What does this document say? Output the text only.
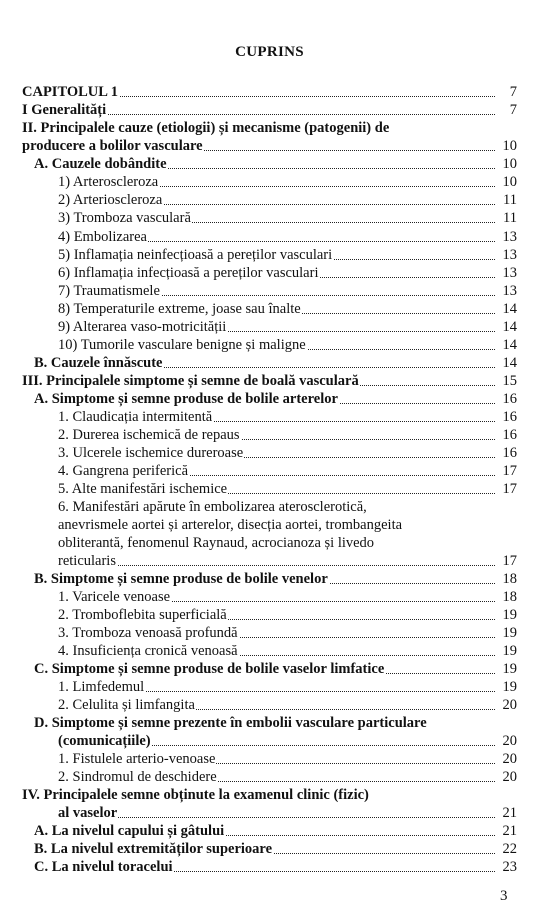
CUPRINS
CAPITOLUL 1	7
I Generalități	7
II. Principalele cauze (etiologii) și mecanisme (patogenii) de
producere a bolilor vasculare	10
A. Cauzele dobândite	10
1) Arteroscleroza	10
2) Arterioscleroza	11
3) Tromboza vasculară	11
4) Embolizarea	13
5) Inflamația neinfecțioasă a pereților vasculari	13
6) Inflamația infecțioasă a pereților vasculari	13
7) Traumatismele	13
8) Temperaturile extreme, joase sau înalte	14
9) Alterarea vaso-motricității	14
10) Tumorile vasculare benigne și maligne	14
B. Cauzele înnăscute	14
III. Principalele simptome și semne de boală vasculară	15
A. Simptome și semne produse de bolile arterelor	16
1. Claudicația intermitentă	16
2. Durerea ischemică de repaus	16
3. Ulcerele ischemice dureroase	16
4. Gangrena periferică	17
5. Alte manifestări ischemice	17
6. Manifestări apărute în embolizarea aterosclerotică,
anevrismele aortei și arterelor, disecția aortei, trombangeita
obliterantă, fenomenul Raynaud, acrocianoza și livedo
reticularis	17
B. Simptome și semne produse de bolile venelor	18
1. Varicele venoase	18
2. Tromboflebita superficială	19
3. Tromboza venoasă profundă	19
4. Insuficiența cronică venoasă	19
C. Simptome și semne produse de bolile vaselor limfatice	19
1. Limfedemul	19
2. Celulita și limfangita	20
D. Simptome și semne prezente în embolii vasculare particulare
(comunicațiile)	20
1. Fistulele arterio-venoase	20
2. Sindromul de deschidere	20
IV. Principalele semne obținute la examenul clinic (fizic)
al vaselor	21
A. La nivelul capului și gâtului	21
B. La nivelul extremităților superioare	22
C. La nivelul toracelui	23
3
